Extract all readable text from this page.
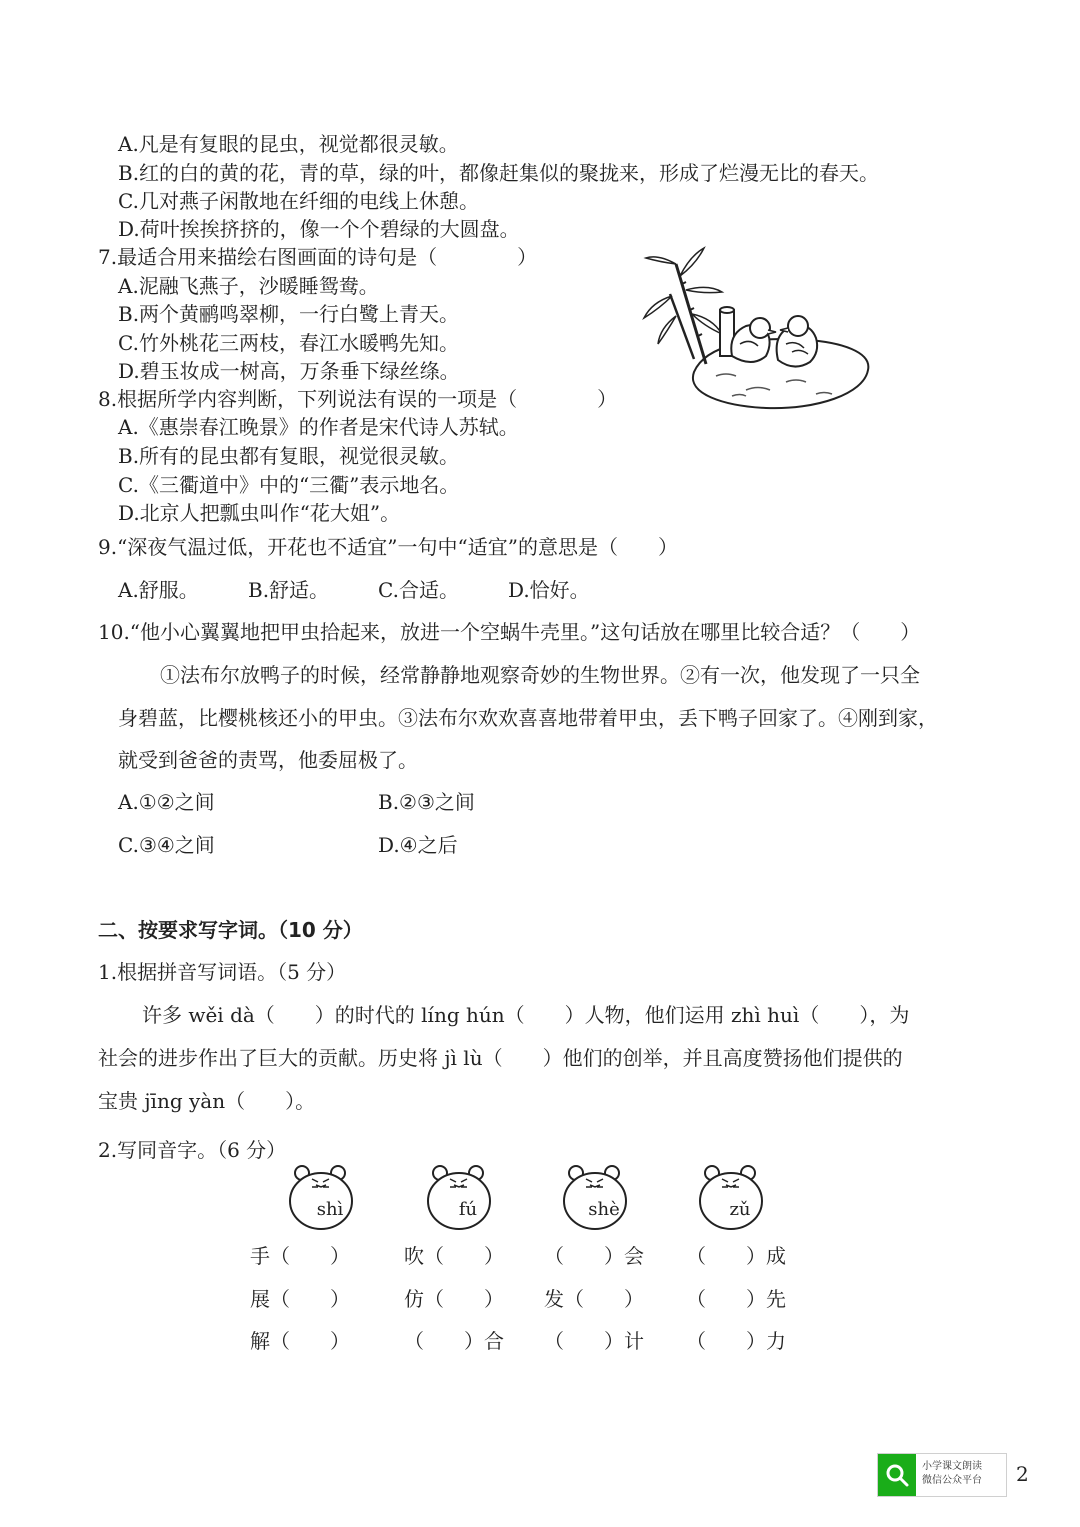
A.凡是有复眼的昆虫，视觉都很灵敏。
B.红的白的黄的花，青的草，绿的叶，都像赶集似的聚拢来，形成了烂漫无比的春天。
C.几对燕子闲散地在纤细的电线上休憩。
D.荷叶挨挨挤挤的，像一个个碧绿的大圆盘。
7.最适合用来描绘右图画面的诗句是（　　　　）
A.泥融飞燕子，沙暖睡鸳鸯。
B.两个黄鹂鸣翠柳，一行白鹭上青天。
C.竹外桃花三两枝，春江水暖鸭先知。
D.碧玉妆成一树高，万条垂下绿丝绦。
8.根据所学内容判断，下列说法有误的一项是（　　　　）
A.《惠崇春江晚景》的作者是宋代诗人苏轼。
B.所有的昆虫都有复眼，视觉很灵敏。
C.《三衢道中》中的“三衢”表示地名。
D.北京人把瓢虫叫作“花大姐”。
9.“深夜气温过低，开花也不适宜”一句中“适宜”的意思是（　　）
A.舒服。 B.舒适。 C.合适。 D.恰好。
10.“他小心翼翼地把甲虫拾起来，放进一个空蜗牛壳里。”这句话放在哪里比较合适？（　　）
①法布尔放鸭子的时候，经常静静地观察奇妙的生物世界。②有一次，他发现了一只全
身碧蓝，比樱桃核还小的甲虫。③法布尔欢欢喜喜地带着甲虫，丢下鸭子回家了。④刚到家，
就受到爸爸的责骂，他委屈极了。
A.①②之间	B.②③之间
C.③④之间	D.④之后
二、按要求写字词。（10 分）
1.根据拼音写词语。（5 分）
许多 wěi dà（　　）的时代的 líng hún（　　）人物，他们运用 zhì huì（　　），为
社会的进步作出了巨大的贡献。历史将 jì lù（　　）他们的创举，并且高度赞扬他们提供的
宝贵 jīng yàn（　　）。
2.写同音字。（6 分）
shì	fú	shè	zǔ
手（　　）	吹（　　） （　　）会 （　　）成
展（　　）	仿（　　） 发（　　） （　　）先
解（　　）	（　　）合 （　　）计 （　　）力
小学课文朗读
微信公众平台 2
